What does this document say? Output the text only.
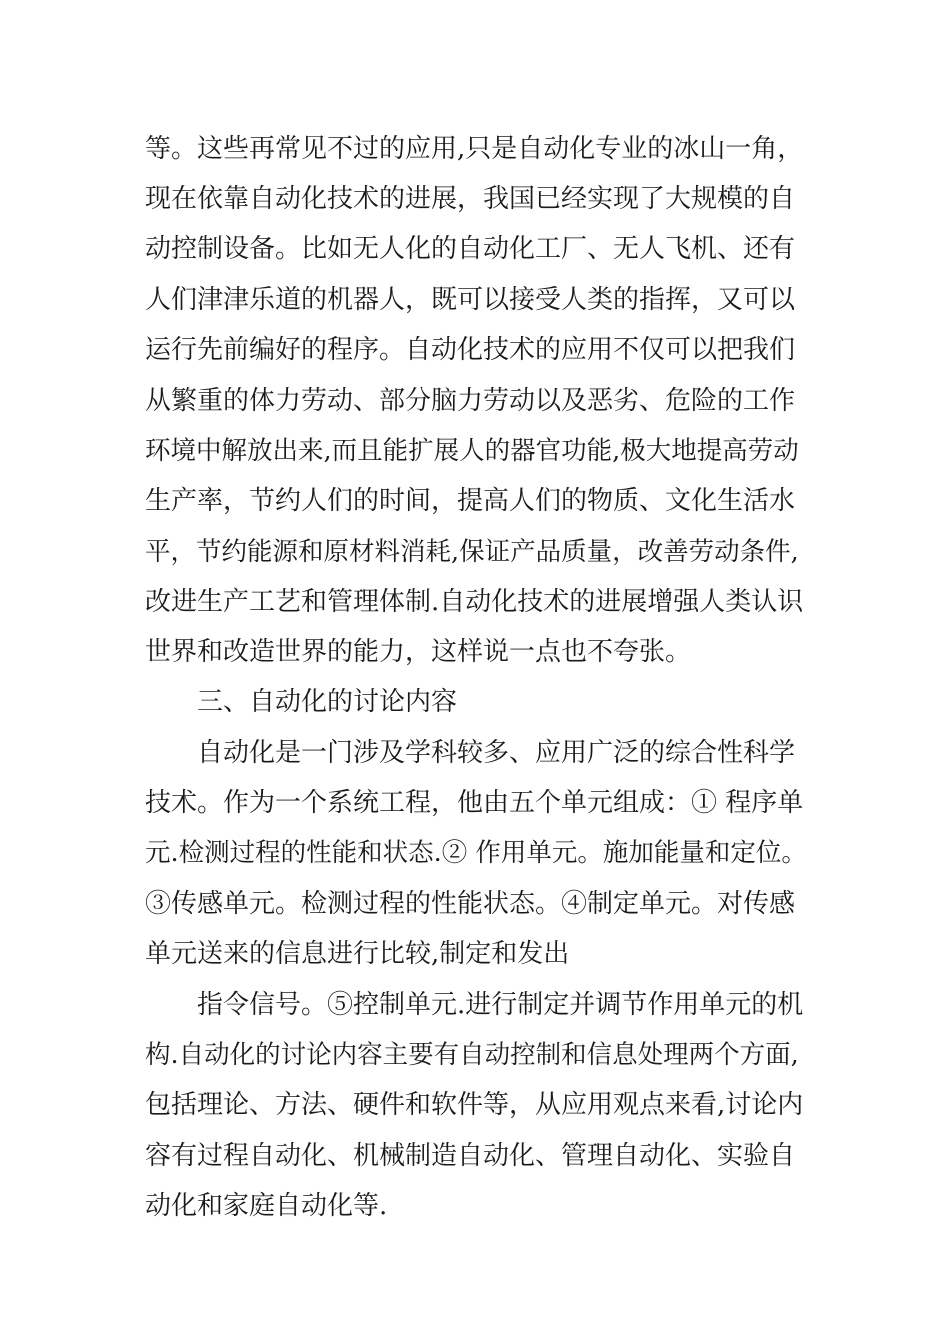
等。这些再常见不过的应用,只是自动化专业的冰山一角，
现在依靠自动化技术的进展，我国已经实现了大规模的自
动控制设备。比如无人化的自动化工厂、无人飞机、还有
人们津津乐道的机器人，既可以接受人类的指挥，又可以
运行先前编好的程序。自动化技术的应用不仅可以把我们
从繁重的体力劳动、部分脑力劳动以及恶劣、危险的工作
环境中解放出来,而且能扩展人的器官功能,极大地提高劳动
生产率，节约人们的时间，提高人们的物质、文化生活水
平，节约能源和原材料消耗,保证产品质量，改善劳动条件,
改进生产工艺和管理体制.自动化技术的进展增强人类认识
世界和改造世界的能力，这样说一点也不夸张。
三、自动化的讨论内容
自动化是一门涉及学科较多、应用广泛的综合性科学
技术。作为一个系统工程，他由五个单元组成：① 程序单
元.检测过程的性能和状态.② 作用单元。施加能量和定位。
③传感单元。检测过程的性能状态。④制定单元。对传感
单元送来的信息进行比较,制定和发出
指令信号。⑤控制单元.进行制定并调节作用单元的机
构.自动化的讨论内容主要有自动控制和信息处理两个方面,
包括理论、方法、硬件和软件等，从应用观点来看,讨论内
容有过程自动化、机械制造自动化、管理自动化、实验自
动化和家庭自动化等.
